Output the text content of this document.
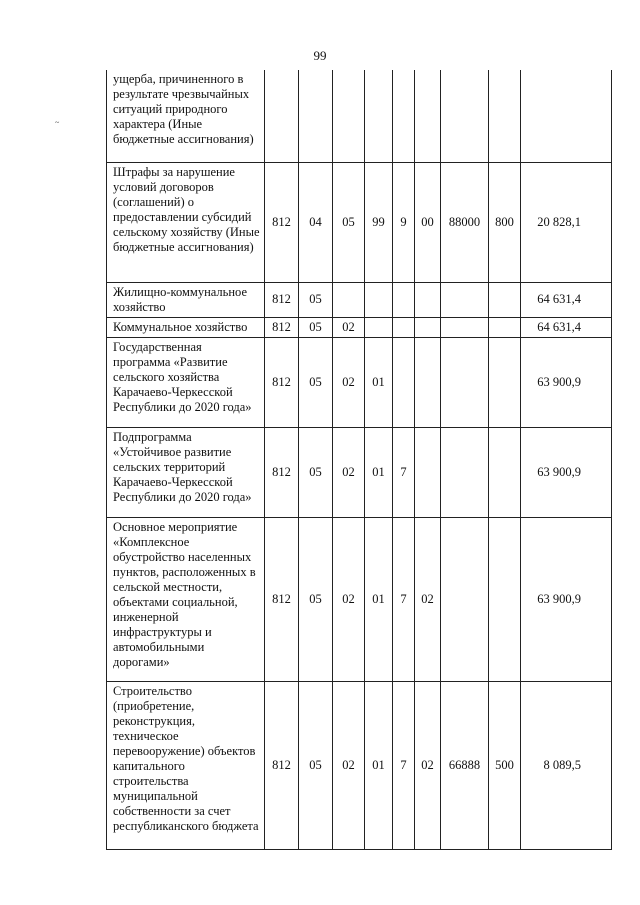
99
~
ущерба, причиненного в результате чрезвычайных ситуаций природного характера (Иные бюджетные ассигнования)									
Штрафы за нарушение условий договоров (соглашений) о предоставлении субсидий сельскому хозяйству (Иные бюджетные ассигнования)	812	04	05	99	9	00	88000	800	20 828,1
Жилищно-коммунальное хозяйство	812	05							64 631,4
Коммунальное хозяйство	812	05	02						64 631,4
Государственная программа «Развитие сельского хозяйства Карачаево-Черкесской Республики до 2020 года»	812	05	02	01					63 900,9
Подпрограмма «Устойчивое развитие сельских территорий Карачаево-Черкесской Республики до 2020 года»	812	05	02	01	7				63 900,9
Основное мероприятие «Комплексное обустройство населенных пунктов, расположенных в сельской местности, объектами социальной, инженерной инфраструктуры и автомобильными дорогами»	812	05	02	01	7	02			63 900,9
Строительство (приобретение, реконструкция, техническое перевооружение) объектов капитального строительства муниципальной собственности за счет республиканского бюджета	812	05	02	01	7	02	66888	500	8 089,5
